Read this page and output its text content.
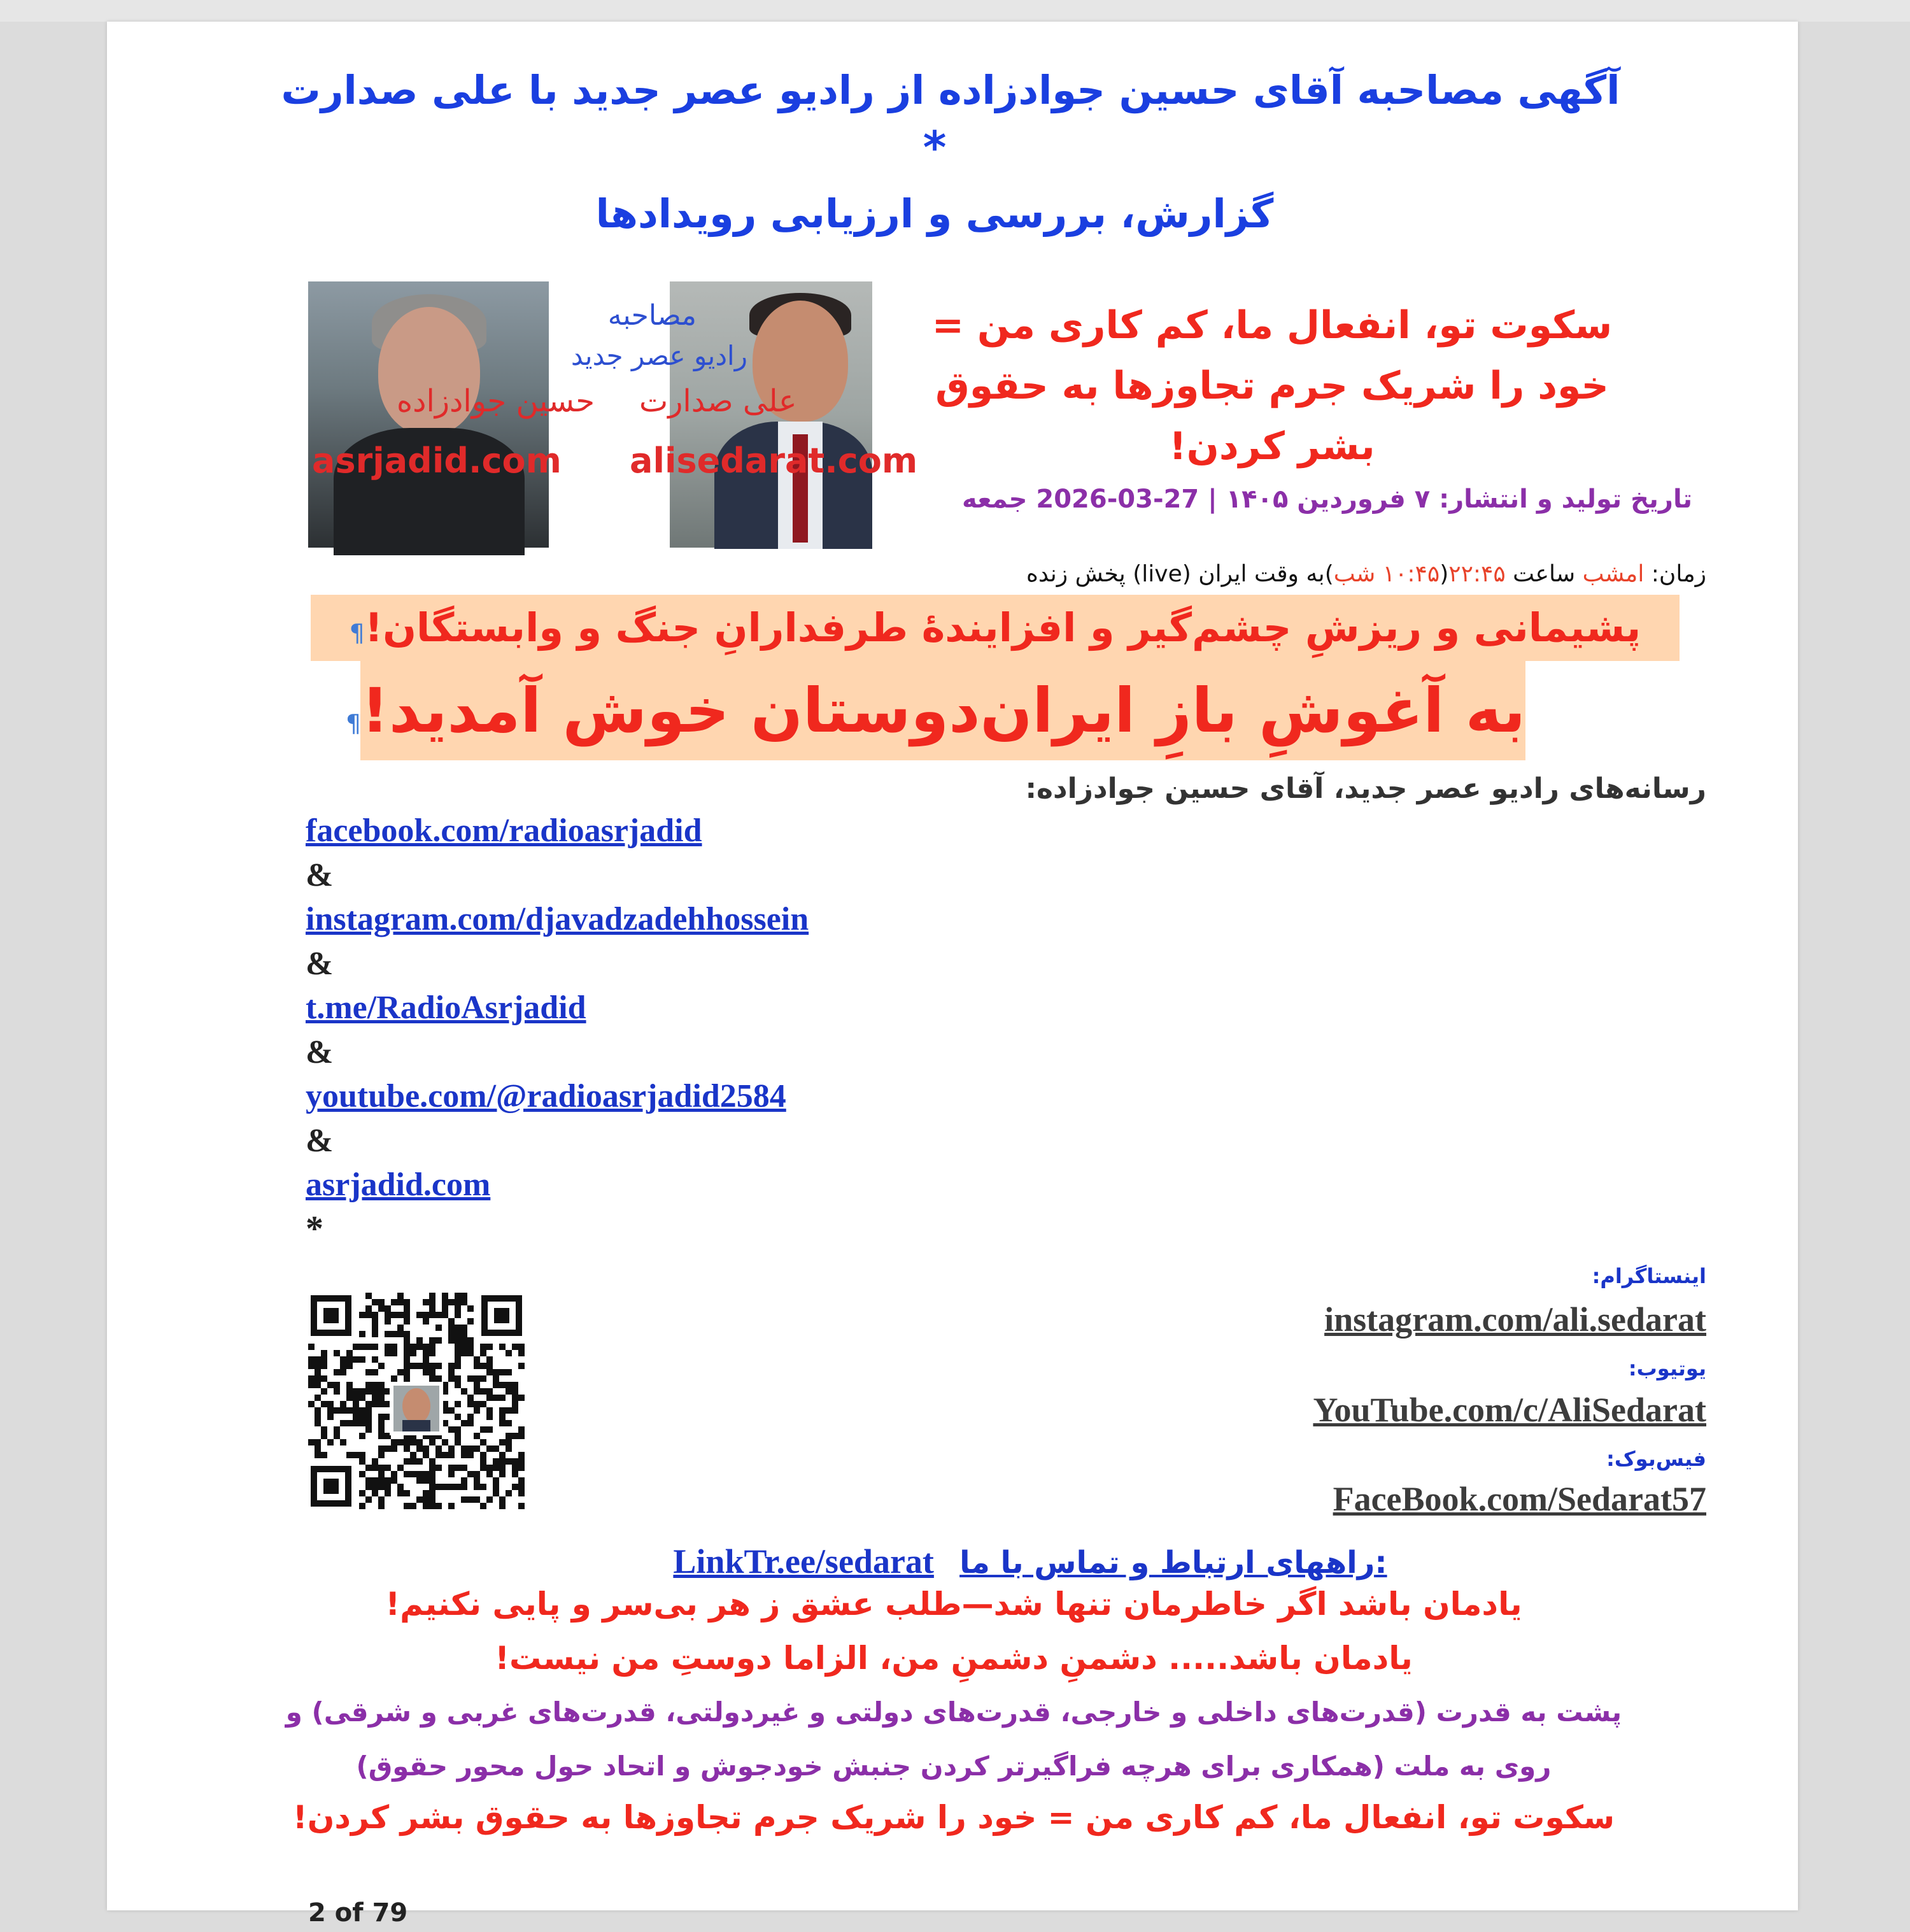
آگهی مصاحبه آقای حسین جوادزاده از رادیو عصر جدید با علی صدارت
*
گزارش، بررسی و ارزیابی رویدادها
مصاحبه
رادیو عصر جدید
حسین جوادزاده علی صدارت
asrjadid.com alisedarat.com
سکوت تو، انفعال ما، کم کاری من =
خود را شریک جرم تجاوزها به حقوق
بشر کردن!
تاریخ تولید و انتشار: ۷ فروردین ۱۴۰۵ | 27-03-2026 جمعه
زمان: امشب ساعت ۲۲:۴۵(۱۰:۴۵ شب)به وقت ایران (live) پخش زنده
پشیمانی و ریزشِ چشم‌گیر و افزایندهٔ طرفدارانِ جنگ و وابستگان!¶
به آغوشِ بازِ ایران‌دوستان خوش آمدید!¶
رسانه‌های رادیو عصر جدید، آقای حسین جوادزاده:
facebook.com/radioasrjadid
&
instagram.com/djavadzadehhossein
&
t.me/RadioAsrjadid
&
youtube.com/@radioasrjadid2584
&
asrjadid.com
*
اینستاگرام:
instagram.com/ali.sedarat
یوتیوب:
YouTube.com/c/AliSedarat
فیس‌بوک:
FaceBook.com/Sedarat57
LinkTr.ee/sedarat راههای ارتباط و تماس با ما:
یادمان باشد اگر خاطرمان تنها شد—طلب عشق ز هر بی‌سر و پایی نکنیم!
یادمان باشد..... دشمنِ دشمنِ من، الزاما دوستِ من نیست!
پشت به قدرت (قدرت‌های داخلی و خارجی، قدرت‌های دولتی و غیردولتی، قدرت‌های غربی و شرقی) و
روی به ملت (همکاری برای هرچه فراگیرتر کردن جنبش خودجوش و اتحاد حول محور حقوق)
سکوت تو، انفعال ما، کم کاری من = خود را شریک جرم تجاوزها به حقوق بشر کردن!
2 of 79
